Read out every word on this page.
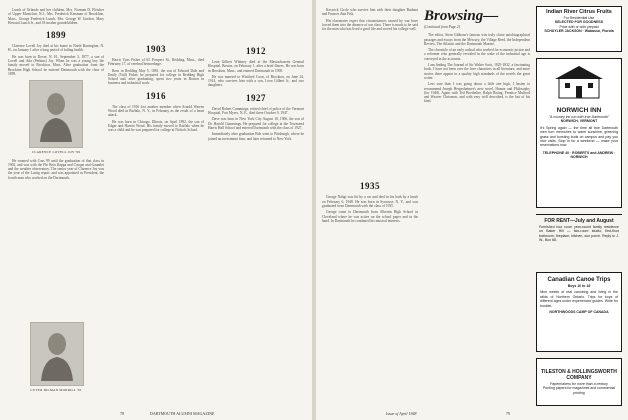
Lunch of Orlando and her children, Mrs. Norman D. Fletcher of Upper Montclair, N.J., Mrs. Frederick Kinsman of Brookline, Mass., George Frederick Lunch, Mrs. George W. Gordon, Mary Howard Lunch Jr., and 18 mother grandchildren.

1899

Clarence Lovell Joy died at his home in North Barrington, N. H., on January 1 after a long period of failing health.

He was born in Dover, N. H., September 3, 1877, a son of Lovell and Ada (Perkins) Joy. When he was a young boy the family moved to Brockton, Mass. After graduation from the Brockton High School he entered Dartmouth with the class of 1899.

CLARENCE LOVELL JOY '99

He roomed with Cass 99 until the graduation of that class in 1902, and was with the Phi Beta Kappa and Casque and Gauntlet and the weather observatory. The senior year of Clarence Joy was the year of the Lustig report, and was appointed as President, the fourth man who worked on the Dartmouth.

1903

Harris Vyas Fisher of 65 Prospect St., Redding, Mass., died February 17, of cerebral hemorrhage.

Born in Redding May 5, 1881, the son of Edward Dale and Emily (Vail) Fisher, he prepared for college in Redding High School and, after graduating, spent two years in Boston in business and industrial work.

1916

The class of 1916 lost another member when Arnold Warren Wood died in Buffalo, N. Y., in February as the result of a heart attack.

He was born in Chicago, Illinois, on April 1892, the son of Edgar and Harriet Wood. His family moved to Buffalo when he was a child and he was prepared for college at Nichols School.

1912

Leon Gilbert Whitney died at the Massachusetts General Hospital, Boston, on February 1, after a brief illness. He was born in Brockton, Mass., and entered Dartmouth in 1908.

He was married to Winifred Coon, of Brockton, on June 24, 1914, who survives him with a son, Leon Gilbert Jr., and two daughters.

1927

David Robert Cummings, retired chief of police of the Vermont Hospital, Fort Myers, N. E., died there October 9, 1947.

Dave was born in New York City August 18, 1906, the son of Dr. Harold Cummings. He prepared for college at the Townsend Harris Hall School and entered Dartmouth with the class of 1927.

Immediately after graduation Bob went to Pittsburgh, where he joined an investment firm, and later returned to New York.

CUTER DILMAN MORRILL '02
78	DARTMOUTH ALUMNI MAGAZINE

Keswick Circle who survive him with their daughter Barbara and Frances Ann Fisk.

His classmates regret that circumstances caused by war have forced them into the absence of our class. There is much to be said for the man who has lived a good life and served his college well.

1935

George Nahgi was hit by a car and died in his bath by a harsh on February 6, 1948. He was born in Syracuse, N. Y., and was graduated from Dartmouth with the class of 1935.

George came to Dartmouth from Albertin High School in Cleveland where he was active on the school paper and in the band. In Dartmouth he continued his musical interests.

Browsing—
(Continued from Page 2)

The editor, Stern Gibbons's famous wits truly chose autobiographical passages and essays from the Mercury, the Village Reed, the Independent Review, The Atlantic and the Dartmouth Mazine.

The chronicle of an early radical who worked for economic justice and a reformer who generally revealed in the wake of the industrial age is conveyed in the accounts.

I am finding The Journal of Sir Walter Scott, 1825-1832, a fascinating book. I have not been over the hive characters in all literature, and more stories there appear in a quality high standards of the novels the great writer.

Less sure than I was going about a little one high, I hasten to recommend Joseph Hergesheimer's new novel, Humor and Philosophy (for 1948). Again with Ted Boetheker, Ralph Rising, Prentice Mulford and Weaver Chrismon, and with very well described, is the last of his kind.

Indian River Citrus Fruits
For Residential Use
SELECTED FOR GOODNESS
Price with or with prepaid
SCHUYLER JACKSON · Wabasso, Florida
NORWICH INN
"A country inn run with true Dartmouth"
NORWICH, VERMONT
It's Spring again — the time all true Dartmouth men turn memories to warm sunshine, greening grass and bursting buds on campus and pay you nice visits. Stop in for a weekend — make your reservations now.
TELEPHONE 40 · ROBERTS and ANDREW · NORWICH
FOR RENT—July and August
Furnished four room year-round family residence on Baker Hill — two-room studio, first-floor bathroom, fireplace, kitchen, sun porch. Reply to J. W., Box 68.
Canadian Canoe Trips
Boys 10 to 18
Nine weeks of real canoeing and living in the wilds of Northern Ontario. Trips for boys of different ages under experienced guides. Write for booklet.
NORTHWOODS CAMP OF CANADA
TILESTON & HOLLINGSWORTH COMPANY
Papermakers for more than a century
Printing papers for magazines and commercial printing
Issue of April 1948	79
